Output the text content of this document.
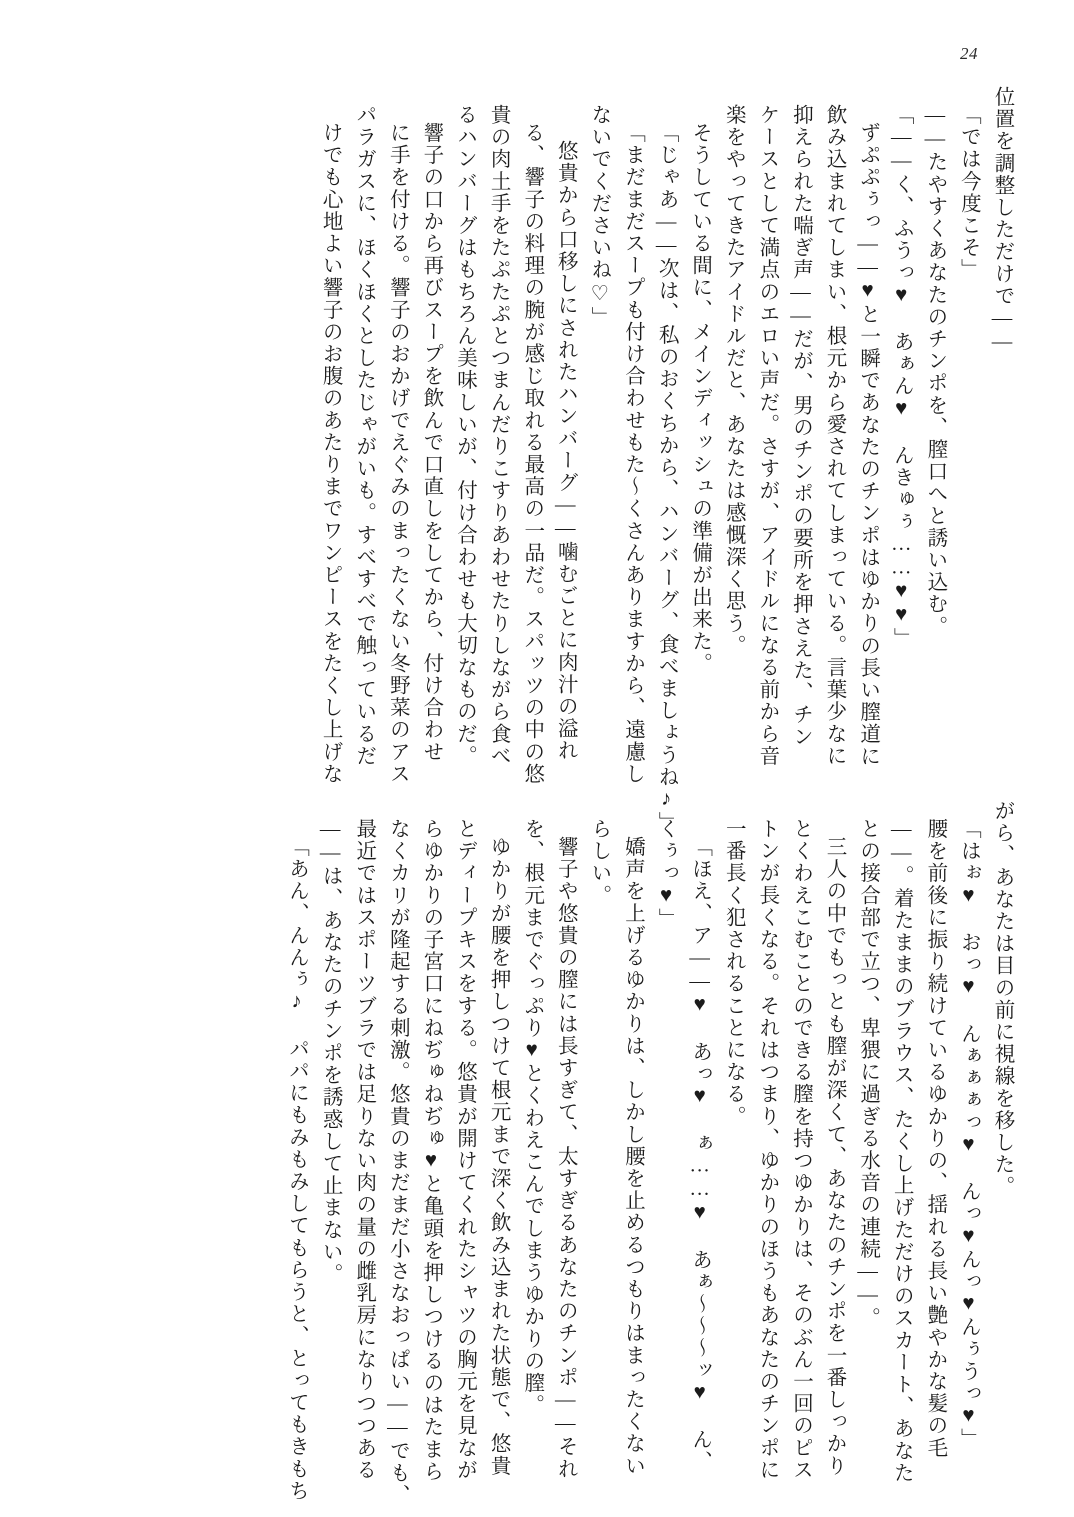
24
位置を調整しただけで――
「では今度こそ」
――たやすくあなたのチンポを、膣口へと誘い込む。
「――く、ふうっ♥ あぁん♥ んきゅぅ……♥♥」
ずぷぷぅっ――♥と一瞬であなたのチンポはゆかりの長い膣道に
飲み込まれてしまい、根元から愛されてしまっている。言葉少なに
抑えられた喘ぎ声――だが、男のチンポの要所を押さえた、チン
ケースとして満点のエロい声だ。さすが、アイドルになる前から音
楽をやってきたアイドルだと、あなたは感慨深く思う。
そうしている間に、メインディッシュの準備が出来た。
「じゃあ――次は、私のおくちから、ハンバーグ、食べましょうね♪」
「まだまだスープも付け合わせもた～くさんありますから、遠慮し
ないでくださいね♡」
悠貴から口移しにされたハンバーグ――噛むごとに肉汁の溢れ
る、響子の料理の腕が感じ取れる最高の一品だ。スパッツの中の悠
貴の肉土手をたぷたぷとつまんだりこすりあわせたりしながら食べ
るハンバーグはもちろん美味しいが、付け合わせも大切なものだ。
響子の口から再びスープを飲んで口直しをしてから、付け合わせ
に手を付ける。響子のおかげでえぐみのまったくない冬野菜のアス
パラガスに、ほくほくとしたじゃがいも。すべすべで触っているだ
けでも心地よい響子のお腹のあたりまでワンピースをたくし上げな
がら、あなたは目の前に視線を移した。
「はぉ♥ おっ♥ んぁぁぁっ♥ んっ♥んっ♥んぅうっ♥」
腰を前後に振り続けているゆかりの、揺れる長い艶やかな髪の毛
――。着たままのブラウス、たくし上げただけのスカート、あなた
との接合部で立つ、卑猥に過ぎる水音の連続――。
三人の中でもっとも膣が深くて、あなたのチンポを一番しっかり
とくわえこむことのできる膣を持つゆかりは、そのぶん一回のピス
トンが長くなる。それはつまり、ゆかりのほうもあなたのチンポに
一番長く犯されることになる。
「ほえ、ア――♥ あっ♥ ぁ……♥ あぁ〜〜〜ッ♥ ん、
くぅっ♥」
嬌声を上げるゆかりは、しかし腰を止めるつもりはまったくない
らしい。
響子や悠貴の膣には長すぎて、太すぎるあなたのチンポ――それ
を、根元までぐっぷり♥とくわえこんでしまうゆかりの膣。
ゆかりが腰を押しつけて根元まで深く飲み込まれた状態で、悠貴
とディープキスをする。悠貴が開けてくれたシャツの胸元を見なが
らゆかりの子宮口にねぢゅねぢゅ♥と亀頭を押しつけるのはたまら
なくカリが隆起する刺激。悠貴のまだまだ小さなおっぱい――でも、
最近ではスポーツブラでは足りない肉の量の雌乳房になりつつある
――は、あなたのチンポを誘惑して止まない。
「あん、んんぅ♪ パパにもみもみしてもらうと、とってもきもち
